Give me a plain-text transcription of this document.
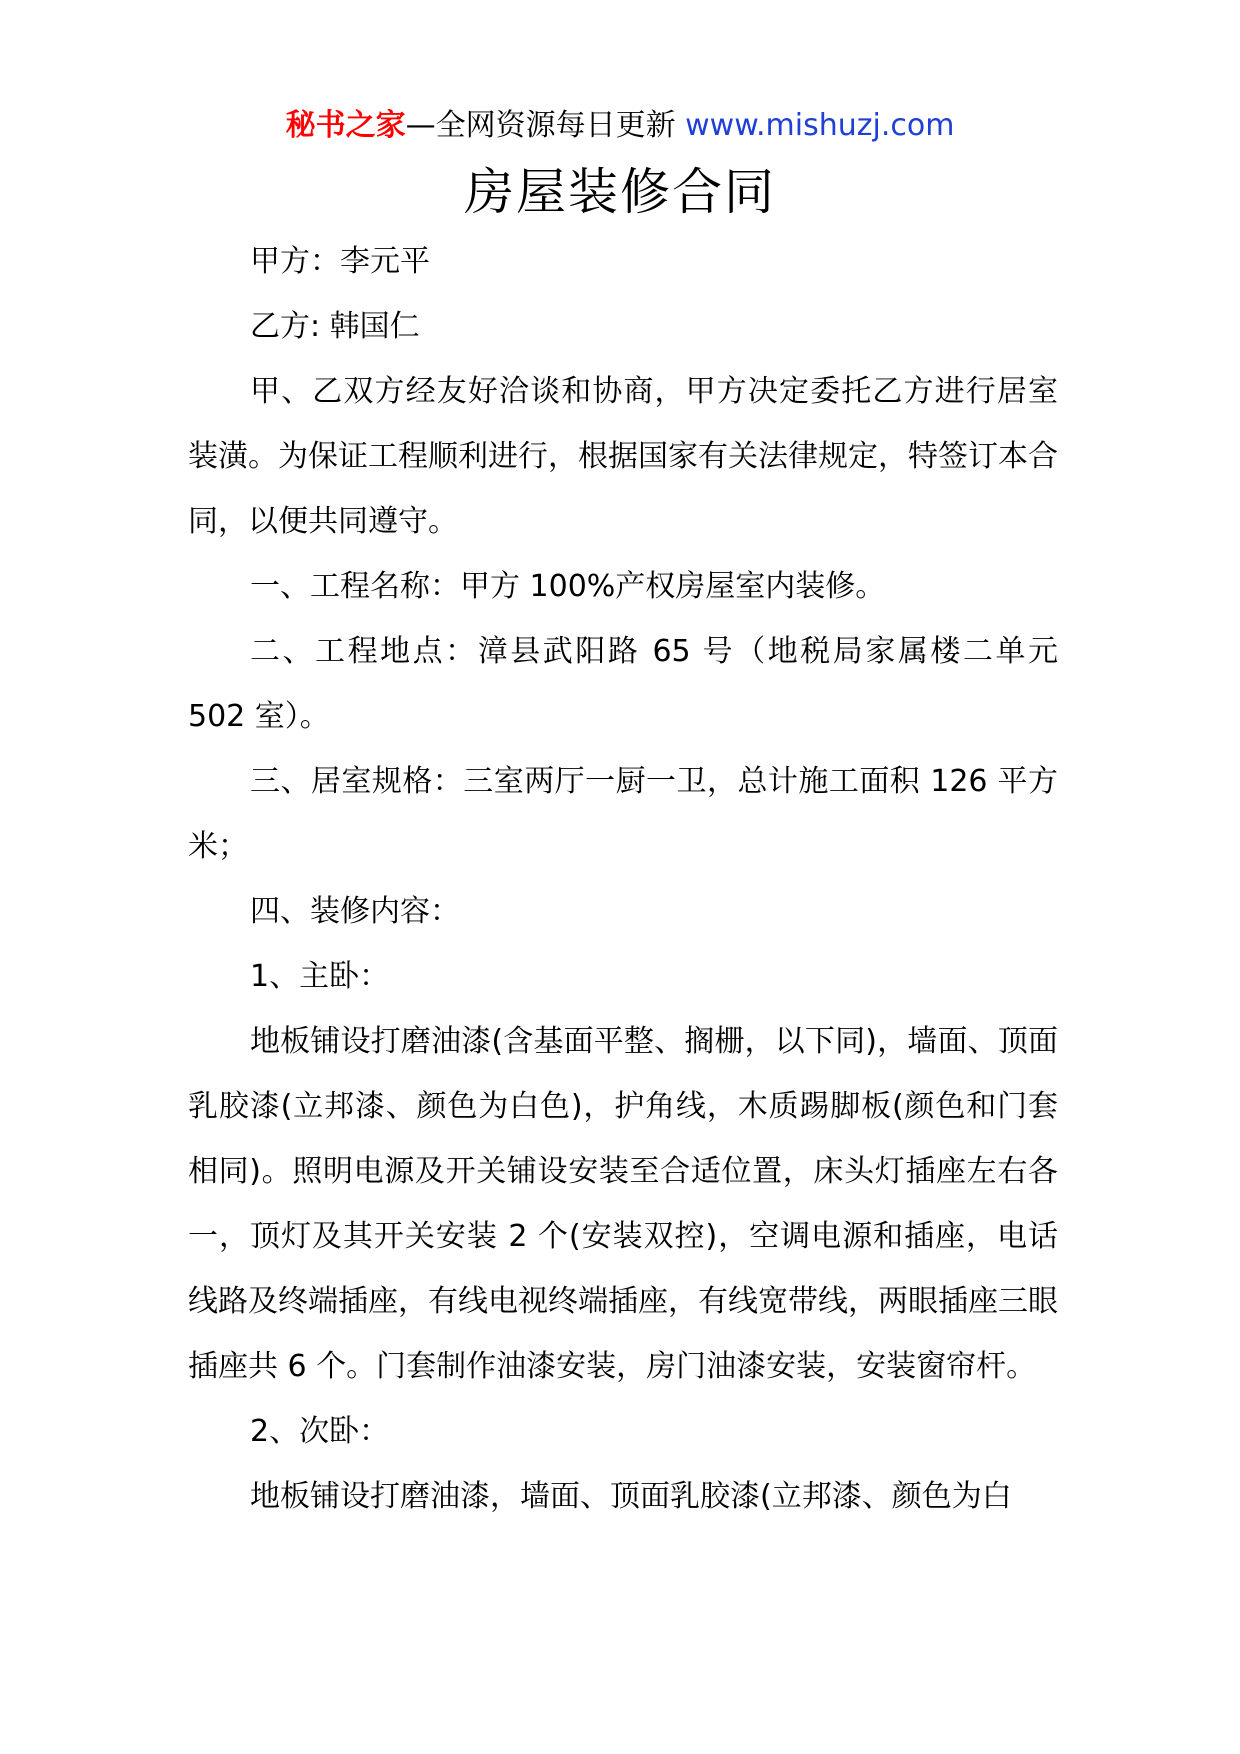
秘书之家—全网资源每日更新 www.mishuzj.com
房屋装修合同

甲方：李元平

乙方: 韩国仁

甲、乙双方经友好洽谈和协商，甲方决定委托乙方进行居室装潢。为保证工程顺利进行，根据国家有关法律规定，特签订本合同，以便共同遵守。

一、工程名称：甲方 100%产权房屋室内装修。

二、工程地点：漳县武阳路 65 号（地税局家属楼二单元 502 室）。

三、居室规格：三室两厅一厨一卫，总计施工面积 126 平方米；

四、装修内容：

1、主卧：

地板铺设打磨油漆(含基面平整、搁栅，以下同)，墙面、顶面乳胶漆(立邦漆、颜色为白色)，护角线，木质踢脚板(颜色和门套相同)。照明电源及开关铺设安装至合适位置，床头灯插座左右各一，顶灯及其开关安装 2 个(安装双控)，空调电源和插座，电话线路及终端插座，有线电视终端插座，有线宽带线，两眼插座三眼插座共 6 个。门套制作油漆安装，房门油漆安装，安装窗帘杆。

2、次卧：

地板铺设打磨油漆，墙面、顶面乳胶漆(立邦漆、颜色为白
